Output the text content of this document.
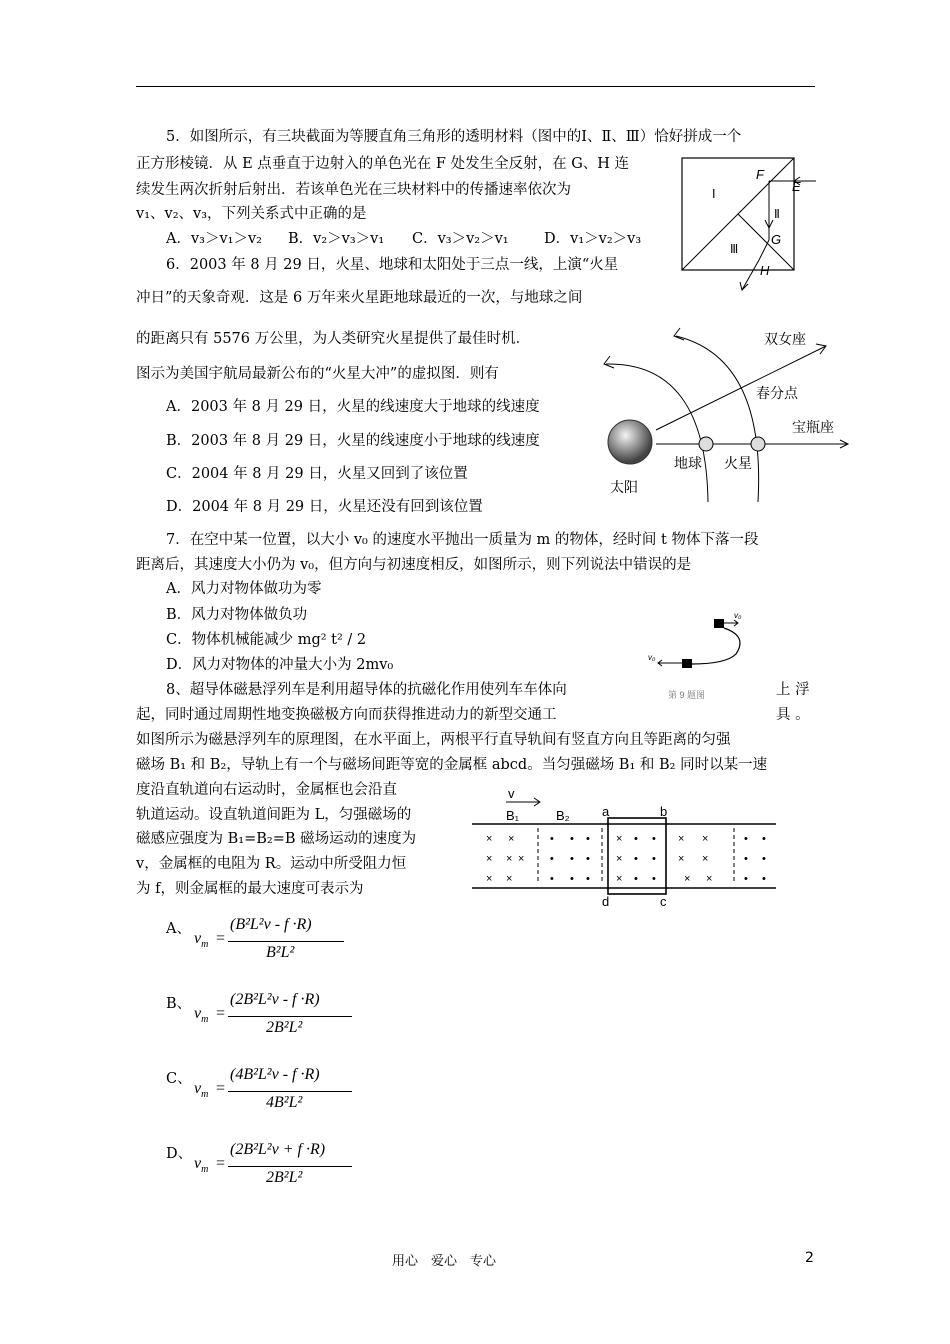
5．如图所示，有三块截面为等腰直角三角形的透明材料（图中的Ⅰ、Ⅱ、Ⅲ）恰好拼成一个
正方形棱镜．从 E 点垂直于边射入的单色光在 F 处发生全反射，在 G、H 连
续发生两次折射后射出．若该单色光在三块材料中的传播速率依次为
v₁、v₂、v₃，下列关系式中正确的是
A．v₃＞v₁＞v₂ B．v₂＞v₃＞v₁ C．v₃＞v₂＞v₁ D．v₁＞v₂＞v₃
Ⅰ
Ⅱ
Ⅲ
F
E
G
H
6．2003 年 8 月 29 日，火星、地球和太阳处于三点一线，上演“火星
冲日”的天象奇观．这是 6 万年来火星距地球最近的一次，与地球之间
的距离只有 5576 万公里，为人类研究火星提供了最佳时机．
图示为美国宇航局最新公布的“火星大冲”的虚拟图．则有
A．2003 年 8 月 29 日，火星的线速度大于地球的线速度
B．2003 年 8 月 29 日，火星的线速度小于地球的线速度
C．2004 年 8 月 29 日，火星又回到了该位置
D．2004 年 8 月 29 日，火星还没有回到该位置
双女座
春分点
宝瓶座
地球 火星
太阳
7．在空中某一位置，以大小 v₀ 的速度水平抛出一质量为 m 的物体，经时间 t 物体下落一段
距离后，其速度大小仍为 v₀，但方向与初速度相反，如图所示，则下列说法中错误的是
A．风力对物体做功为零
B．风力对物体做负功
C．物体机械能减少 mg² t² / 2
D．风力对物体的冲量大小为 2mv₀
v₀
v₀
第 9 题图
8、超导体磁悬浮列车是利用超导体的抗磁化作用使列车车体向	上 浮
起，同时通过周期性地变换磁极方向而获得推进动力的新型交通工	具 。
如图所示为磁悬浮列车的原理图，在水平面上，两根平行直导轨间有竖直方向且等距离的匀强
磁场 B₁ 和 B₂，导轨上有一个与磁场间距等宽的金属框 abcd。当匀强磁场 B₁ 和 B₂ 同时以某一速
度沿直轨道向右运动时，金属框也会沿直
轨道运动。设直轨道间距为 L，匀强磁场的
磁感应强度为 B₁=B₂=B 磁场运动的速度为
v，金属框的电阻为 R。运动中所受阻力恒
为 f，则金属框的最大速度可表示为
× ×
× × ×
× ×
• • •
• • •
• • •
× • •
× • •
× • •
× ×
× ×
× ×
• •
• •
• •
v
B₁	B₂ a	b
c
d
A、
$v_m$ =
(B²L²v - f ·R)
B²L²
B、
$v_m$ =
(2B²L²v - f ·R)
2B²L²
C、
$v_m$ =
(4B²L²v - f ·R)
4B²L²
D、
$v_m$ =
(2B²L²v + f ·R)
2B²L²
用心　爱心　专心	2
